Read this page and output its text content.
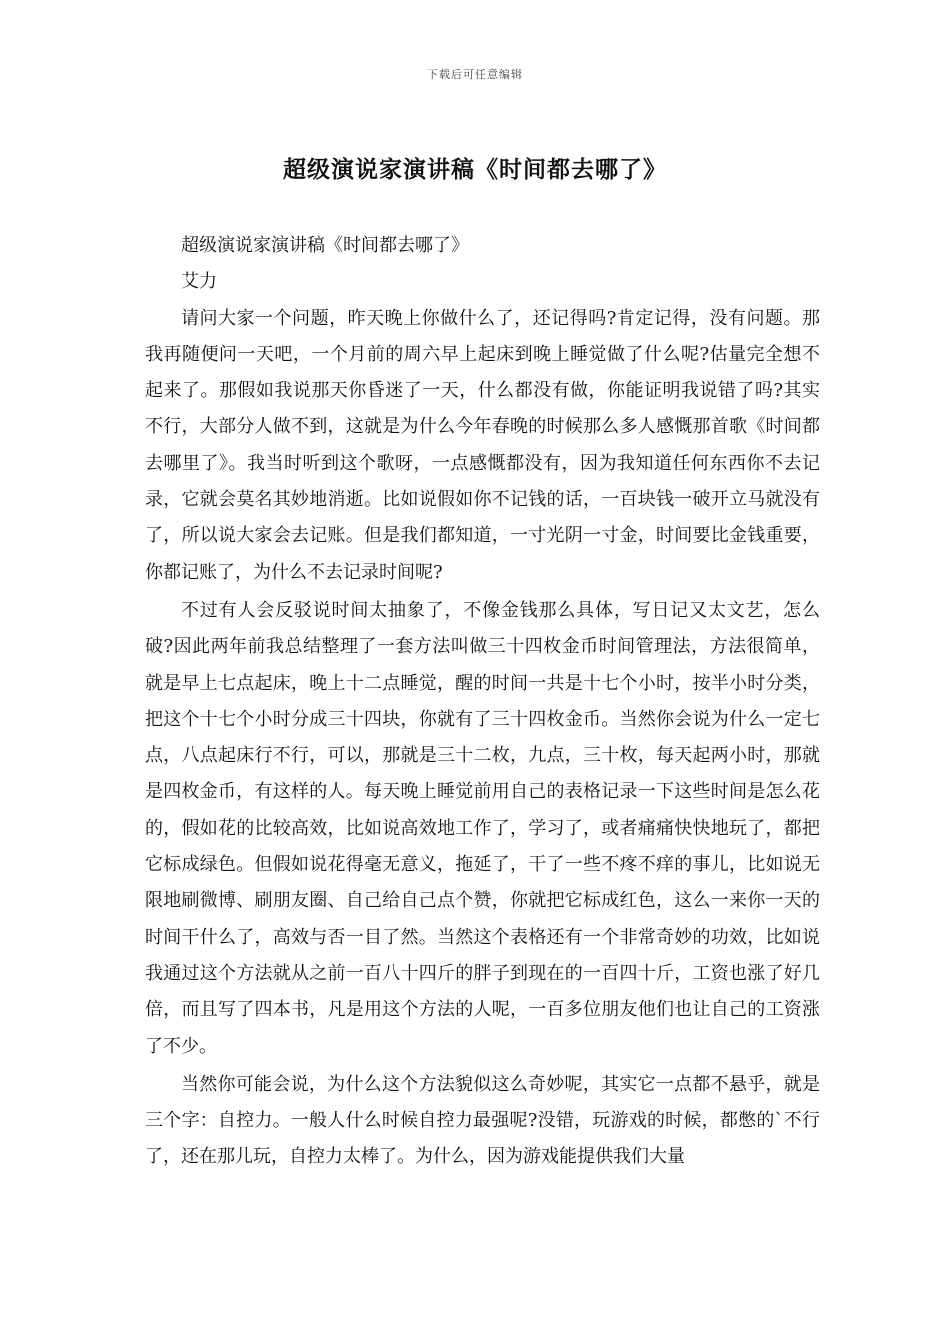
下载后可任意编辑
超级演说家演讲稿《时间都去哪了》

超级演说家演讲稿《时间都去哪了》

艾力

请问大家一个问题，昨天晚上你做什么了，还记得吗?肯定记得，没有问题。那我再随便问一天吧，一个月前的周六早上起床到晚上睡觉做了什么呢?估量完全想不起来了。那假如我说那天你昏迷了一天，什么都没有做，你能证明我说错了吗?其实不行，大部分人做不到，这就是为什么今年春晚的时候那么多人感慨那首歌《时间都去哪里了》。我当时听到这个歌呀，一点感慨都没有，因为我知道任何东西你不去记录，它就会莫名其妙地消逝。比如说假如你不记钱的话，一百块钱一破开立马就没有了，所以说大家会去记账。但是我们都知道，一寸光阴一寸金，时间要比金钱重要，你都记账了，为什么不去记录时间呢?

不过有人会反驳说时间太抽象了，不像金钱那么具体，写日记又太文艺，怎么破?因此两年前我总结整理了一套方法叫做三十四枚金币时间管理法，方法很简单，就是早上七点起床，晚上十二点睡觉，醒的时间一共是十七个小时，按半小时分类，把这个十七个小时分成三十四块，你就有了三十四枚金币。当然你会说为什么一定七点，八点起床行不行，可以，那就是三十二枚，九点，三十枚，每天起两小时，那就是四枚金币，有这样的人。每天晚上睡觉前用自己的表格记录一下这些时间是怎么花的，假如花的比较高效，比如说高效地工作了，学习了，或者痛痛快快地玩了，都把它标成绿色。但假如说花得毫无意义，拖延了，干了一些不疼不痒的事儿，比如说无限地刷微博、刷朋友圈、自己给自己点个赞，你就把它标成红色，这么一来你一天的时间干什么了，高效与否一目了然。当然这个表格还有一个非常奇妙的功效，比如说我通过这个方法就从之前一百八十四斤的胖子到现在的一百四十斤，工资也涨了好几倍，而且写了四本书，凡是用这个方法的人呢，一百多位朋友他们也让自己的工资涨了不少。

当然你可能会说，为什么这个方法貌似这么奇妙呢，其实它一点都不悬乎，就是三个字：自控力。一般人什么时候自控力最强呢?没错，玩游戏的时候，都憋的`不行了，还在那儿玩，自控力太棒了。为什么，因为游戏能提供我们大量
